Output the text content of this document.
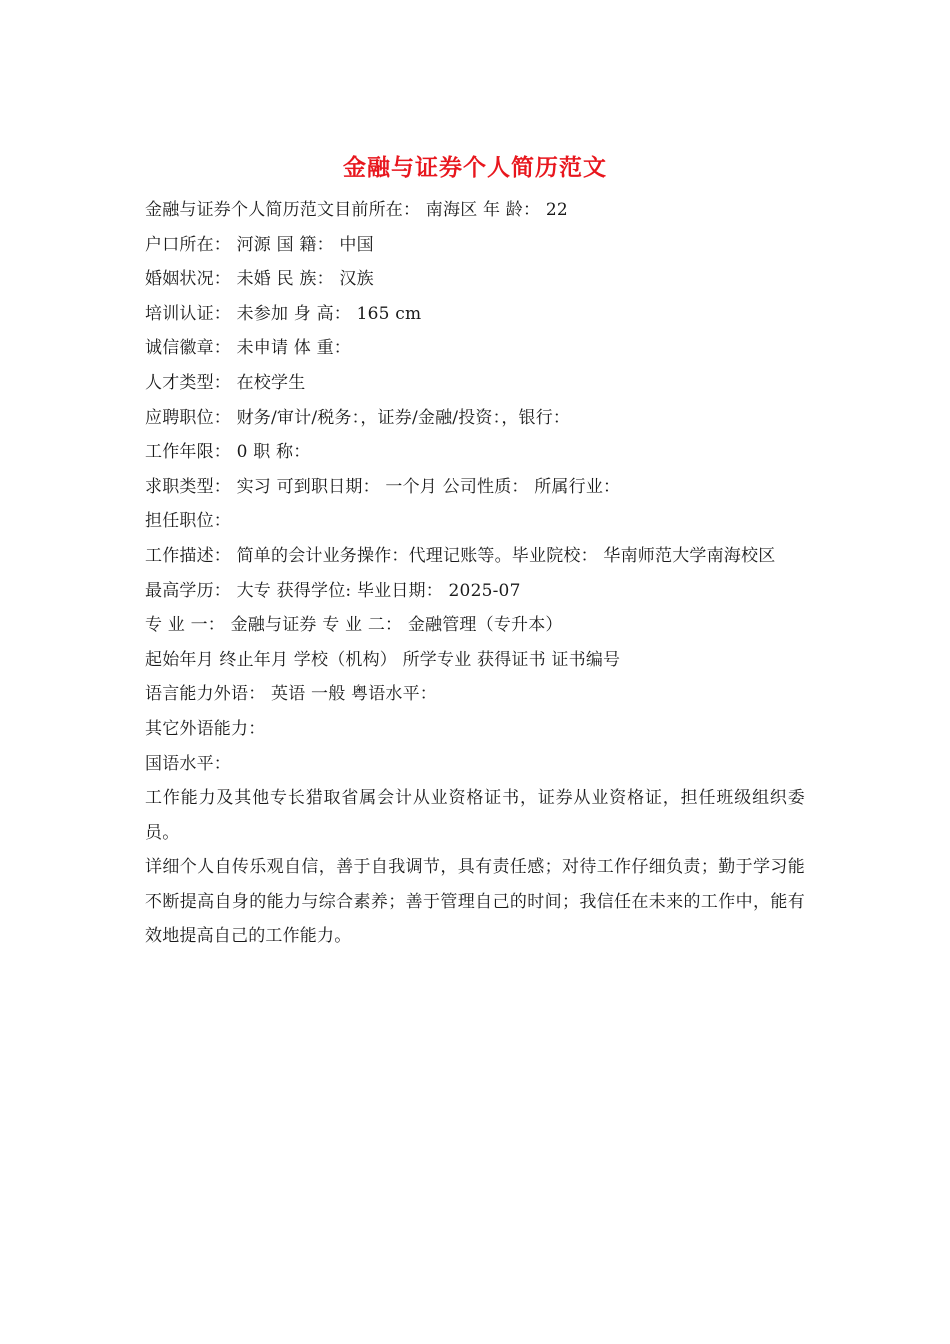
金融与证券个人简历范文
金融与证券个人简历范文目前所在： 南海区 年 龄： 22
户口所在： 河源 国 籍： 中国
婚姻状况： 未婚 民 族： 汉族
培训认证： 未参加 身 高： 165 cm
诚信徽章： 未申请 体 重：
人才类型： 在校学生
应聘职位： 财务/审计/税务：，证券/金融/投资：，银行：
工作年限： 0 职 称：
求职类型： 实习 可到职日期： 一个月 公司性质： 所属行业：
担任职位：
工作描述： 简单的会计业务操作：代理记账等。毕业院校： 华南师范大学南海校区
最高学历： 大专 获得学位: 毕业日期： 2025-07
专 业 一： 金融与证券 专 业 二： 金融管理（专升本）
起始年月 终止年月 学校（机构） 所学专业 获得证书 证书编号
语言能力外语： 英语 一般 粤语水平：
其它外语能力：
国语水平：
工作能力及其他专长猎取省属会计从业资格证书，证券从业资格证，担任班级组织委员。
详细个人自传乐观自信，善于自我调节，具有责任感；对待工作仔细负责；勤于学习能不断提高自身的能力与综合素养；善于管理自己的时间；我信任在未来的工作中，能有效地提高自己的工作能力。
